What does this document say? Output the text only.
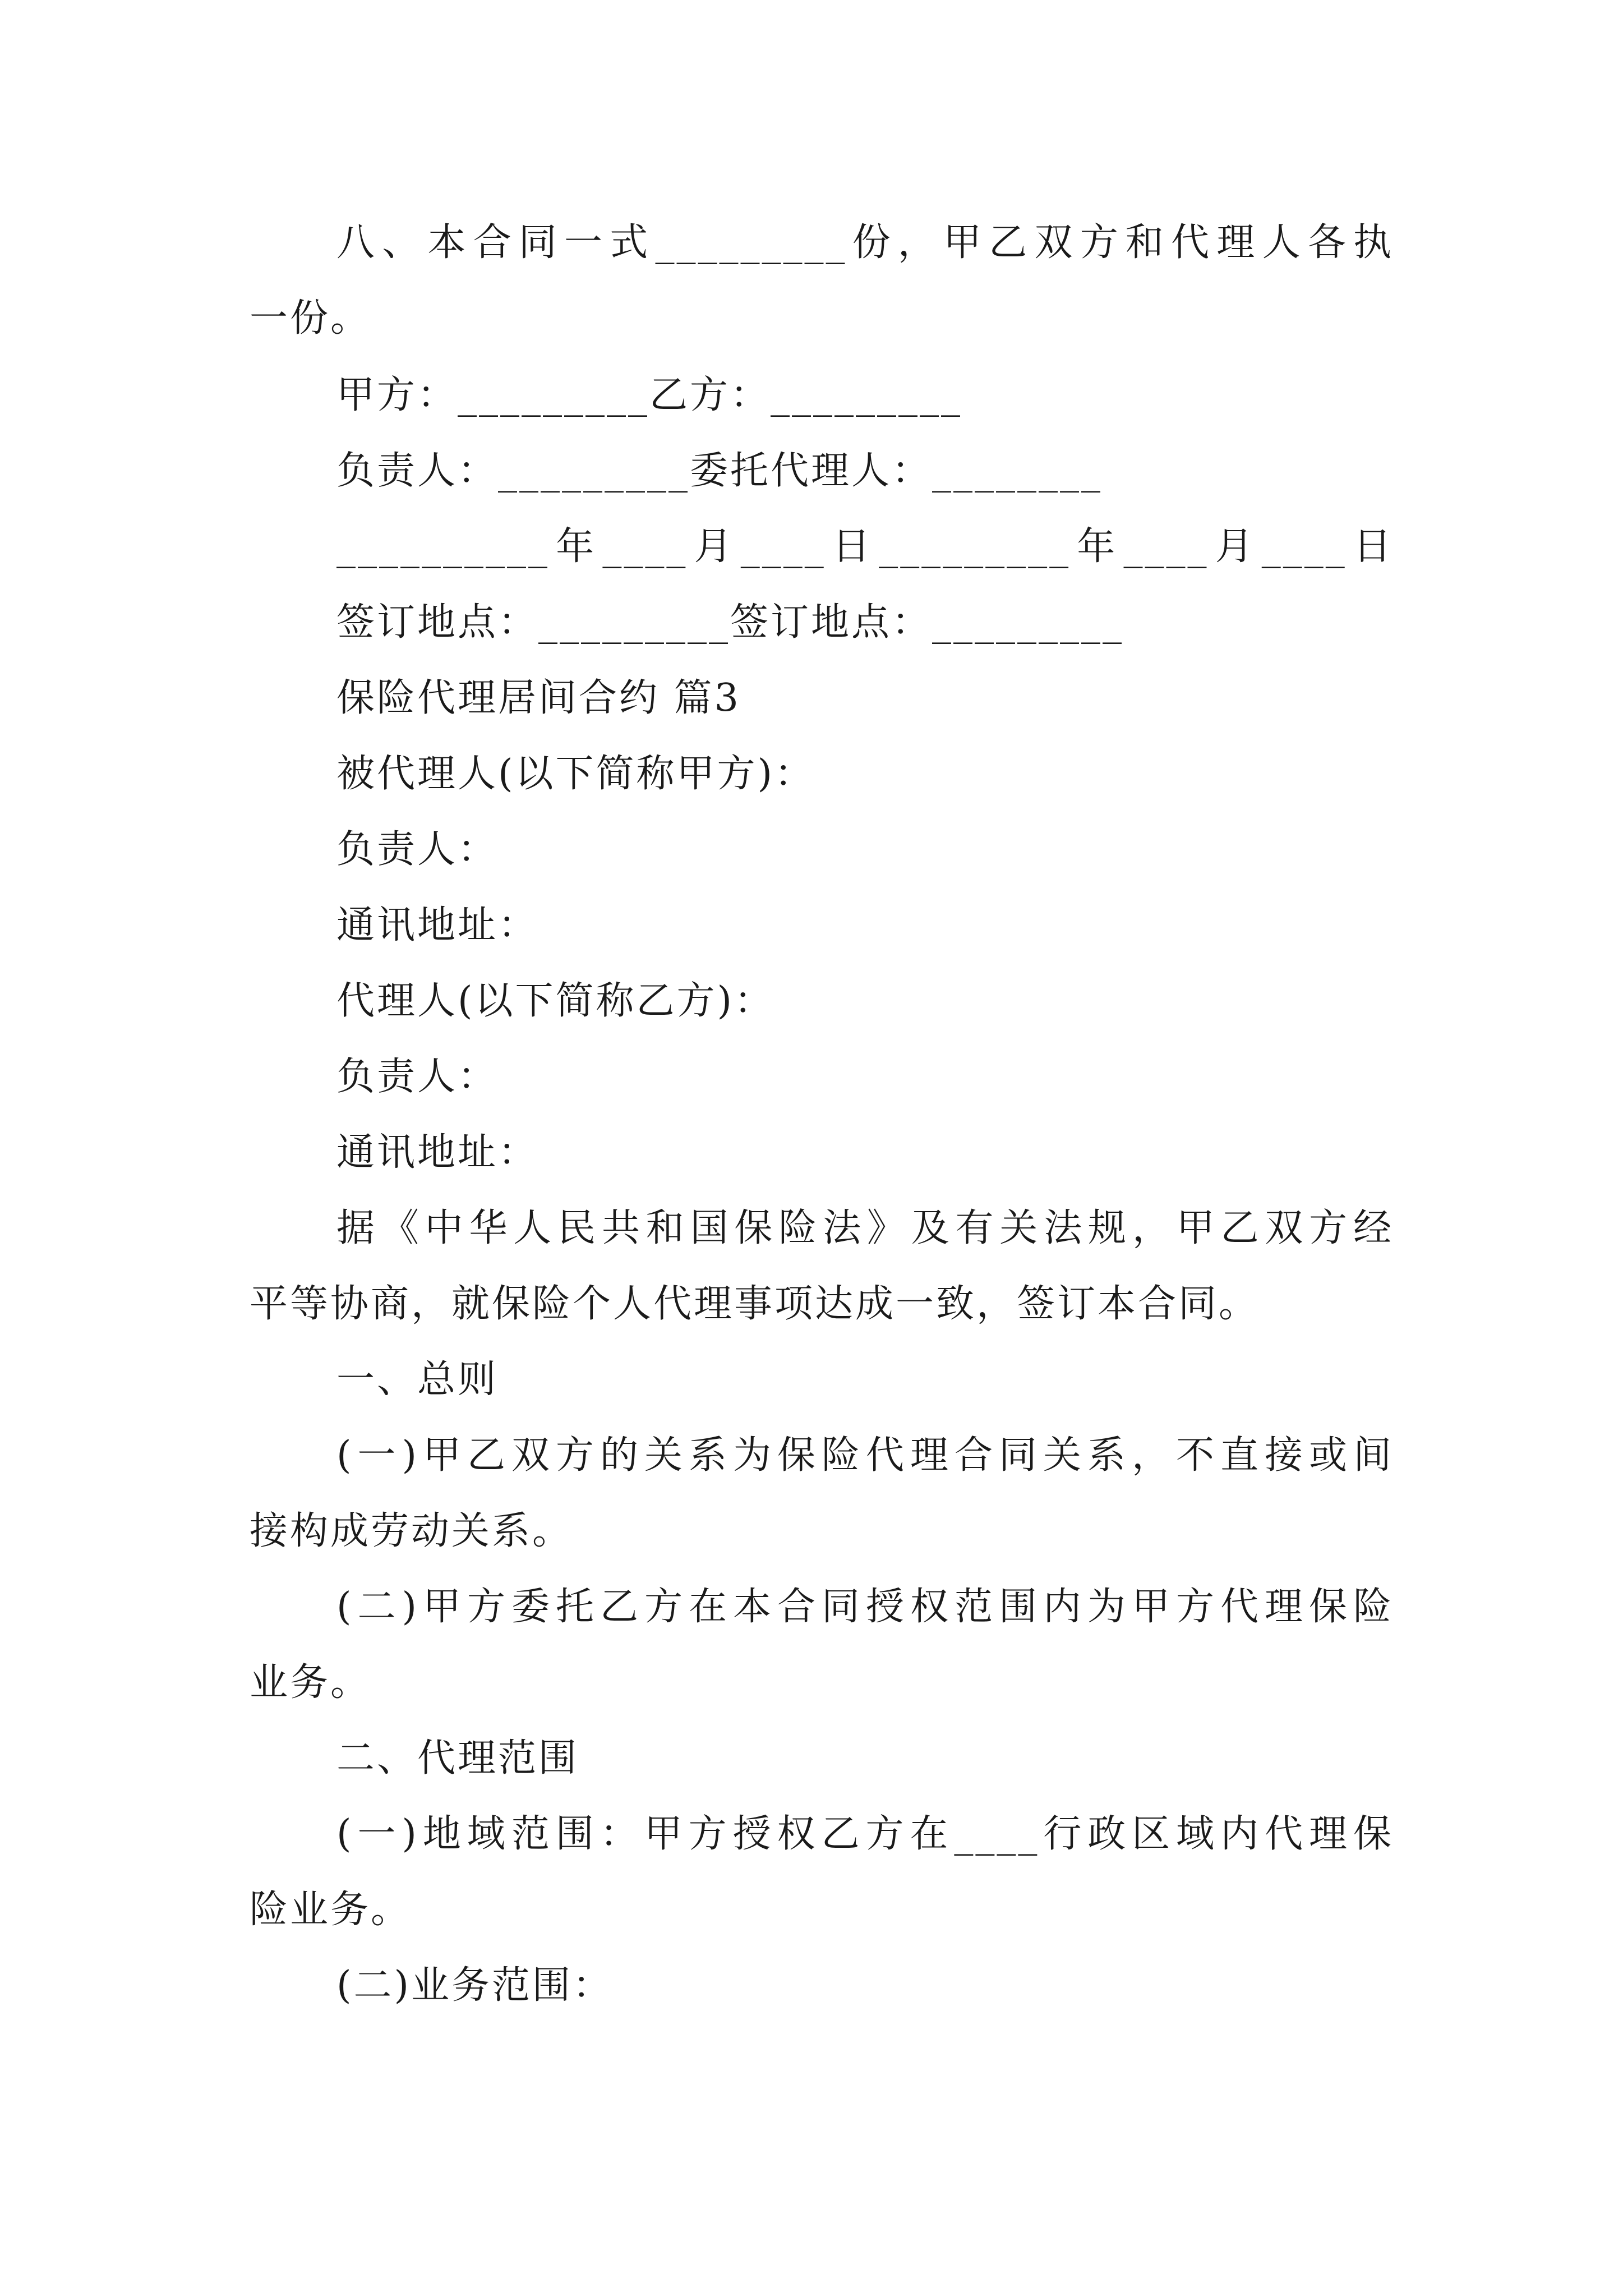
八、本合同一式_________份，甲乙双方和代理人各执
一份。
甲方：_________乙方：_________
负责人：_________委托代理人：________
__________年____月____日_________年____月____日
签订地点：_________签订地点：_________
保险代理居间合约 篇3
被代理人(以下简称甲方)：
负责人：
通讯地址：
代理人(以下简称乙方)：
负责人：
通讯地址：
据《中华人民共和国保险法》及有关法规，甲乙双方经
平等协商，就保险个人代理事项达成一致，签订本合同。
一、总则
(一)甲乙双方的关系为保险代理合同关系，不直接或间
接构成劳动关系。
(二)甲方委托乙方在本合同授权范围内为甲方代理保险
业务。
二、代理范围
(一)地域范围：甲方授权乙方在____行政区域内代理保
险业务。
(二)业务范围：
